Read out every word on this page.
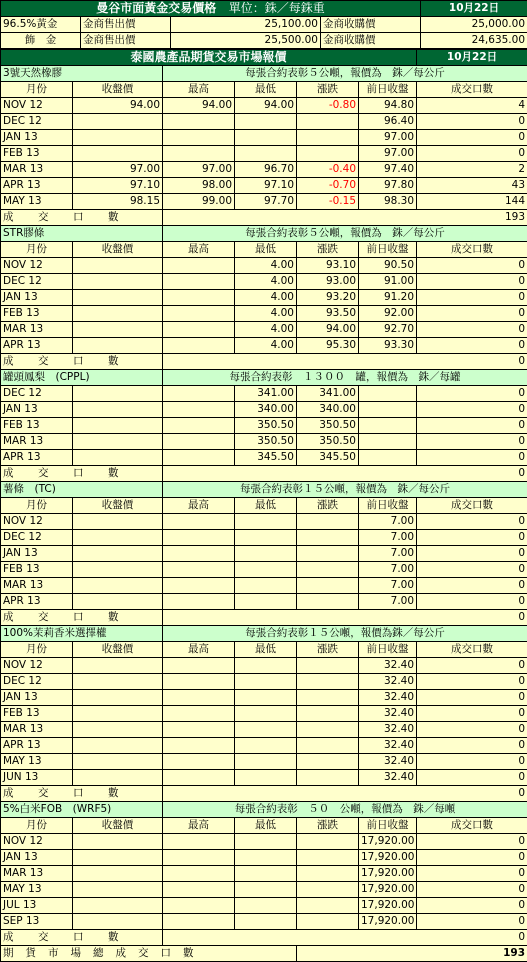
曼谷市面黃金交易價格 單位：銖／每銖重				10月22日
96.5%黃金	金商售出價	25,100.00	金商收購價	25,000.00
飾　金	金商售出價	25,500.00	金商收購價	24,635.00
泰國農產品期貨交易市場報價						10月22日
3號天然橡膠		每張合約表彰５公噸，報價為　銖／每公斤				
月份	收盤價	最高	最低	漲跌	前日收盤	成交口數
NOV 12	94.00	94.00	94.00	-0.80	94.80	4
DEC 12					96.40	0
JAN 13					97.00	0
FEB 13					97.00	0
MAR 13	97.00	97.00	96.70	-0.40	97.40	2
APR 13	97.10	98.00	97.10	-0.70	97.80	43
MAY 13	98.15	99.00	97.70	-0.15	98.30	144
成　交　口　數		193				
STR膠條		每張合約表彰５公噸，報價為　銖／每公斤				
月份	收盤價	最高	最低	漲跌	前日收盤	成交口數
NOV 12			4.00	93.10	90.50	0
DEC 12			4.00	93.00	91.00	0
JAN 13			4.00	93.20	91.20	0
FEB 13			4.00	93.50	92.00	0
MAR 13			4.00	94.00	92.70	0
APR 13			4.00	95.30	93.30	0
成　交　口　數		0				
罐頭鳳梨　(CPPL)		每張合約表彰　１３００　罐，報價為　銖／每罐				
DEC 12			341.00	341.00		0
JAN 13			340.00	340.00		0
FEB 13			350.50	350.50		0
MAR 13			350.50	350.50		0
APR 13			345.50	345.50		0
成　交　口　數		0				
薯條　(TC)		每張合約表彰１５公噸，報價為　銖／每公斤				
月份	收盤價	最高	最低	漲跌	前日收盤	成交口數
NOV 12					7.00	0
DEC 12					7.00	0
JAN 13					7.00	0
FEB 13					7.00	0
MAR 13					7.00	0
APR 13					7.00	0
成　交　口　數		0				
100%茉莉香米選擇權		每張合約表彰１５公噸，報價為銖／每公斤				
月份	收盤價	最高	最低	漲跌	前日收盤	成交口數
NOV 12					32.40	0
DEC 12					32.40	0
JAN 13					32.40	0
FEB 13					32.40	0
MAR 13					32.40	0
APR 13					32.40	0
MAY 13					32.40	0
JUN 13					32.40	0
成　交　口　數		0				
5%白米FOB　(WRF5)		每張合約表彰　５０　公噸，報價為　銖／每噸				
月份	收盤價	最高	最低	漲跌	前日收盤	成交口數
NOV 12					17,920.00	0
JAN 13					17,920.00	0
MAR 13					17,920.00	0
MAY 13					17,920.00	0
JUL 13					17,920.00	0
SEP 13					17,920.00	0
成　交　口　數		0				
期貨市場總成交口數				193		
